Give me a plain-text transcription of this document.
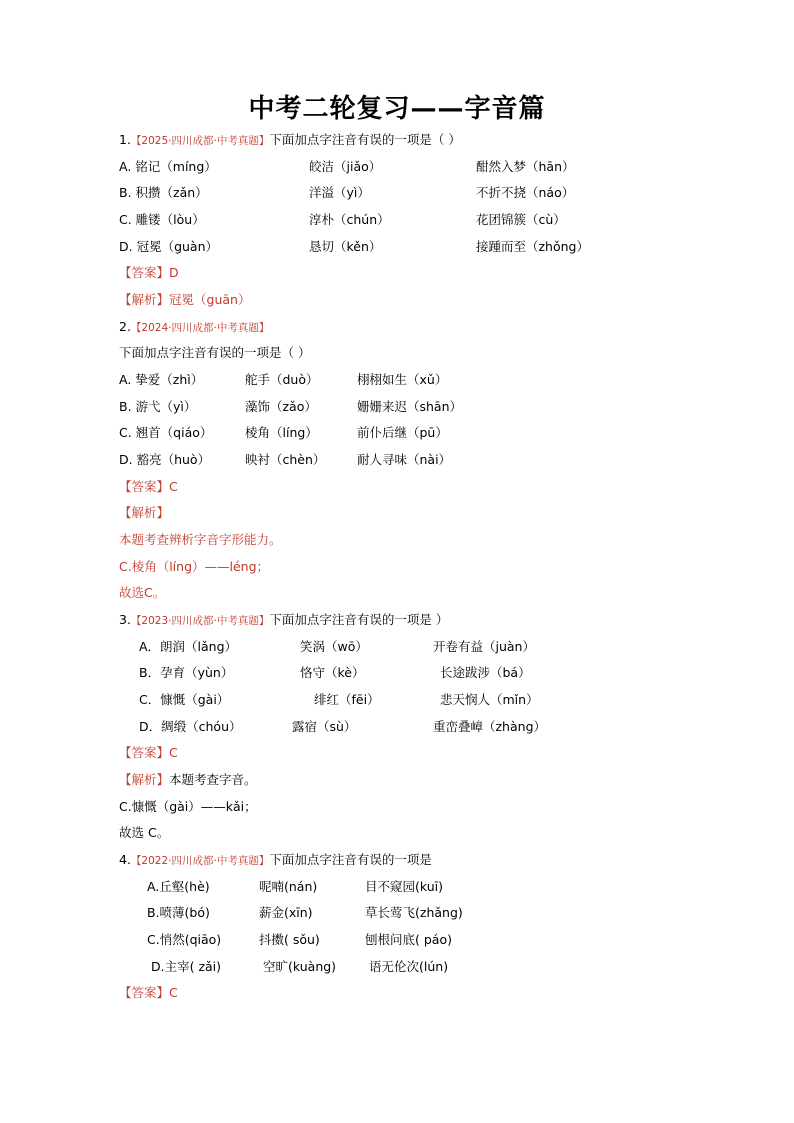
中考二轮复习——字音篇
1.【2025·四川成都·中考真题】下面加点字注音有误的一项是（ ）
A. 铭记（míng）	皎洁（jiǎo）	酣然入梦（hān）
B. 积攒（zǎn）	洋溢（yì）	不折不挠（náo）
C. 雕镂（lòu）	淳朴（chún）	花团锦簇（cù）
D. 冠冕（guàn）	恳切（kěn）	接踵而至（zhǒng）
【答案】D
【解析】冠冕（guān）
2.【2024·四川成都·中考真题】
下面加点字注音有误的一项是（ ）
A. 挚爱（zhì）	舵手（duò）	栩栩如生（xǔ）
B. 游弋（yì）	藻饰（zǎo）	姗姗来迟（shān）
C. 翘首（qiáo）	棱角（líng）	前仆后继（pū）
D. 豁亮（huò）	映衬（chèn）	耐人寻味（nài）
【答案】C
【解析】
本题考查辨析字音字形能力。
C.棱角（líng）——léng；
故选C。
3.【2023·四川成都·中考真题】下面加点字注音有误的一项是 ）
A．朗润（lǎng）	笑涡（wō）	开卷有益（juàn）
B．孕育（yùn）	恪守（kè）	长途跋涉（bá）
C．慷慨（gài）	绯红（fēi）	悲天悯人（mǐn）
D．绸缎（chóu）	露宿（sù）	重峦叠嶂（zhàng）
【答案】C
【解析】本题考查字音。
C.慷慨（gài）——kǎi；
故选 C。
4.【2022·四川成都·中考真题】下面加点字注音有误的一项是
A.丘壑(hè)	呢喃(nán)	目不窥园(kuī)
B.喷薄(bó)	薪金(xīn)	草长莺飞(zhǎng)
C.悄然(qiāo)	抖擞( sǒu)	刨根问底( páo)
D.主宰( zǎi)	空旷(kuàng)	语无伦次(lún)
【答案】C
